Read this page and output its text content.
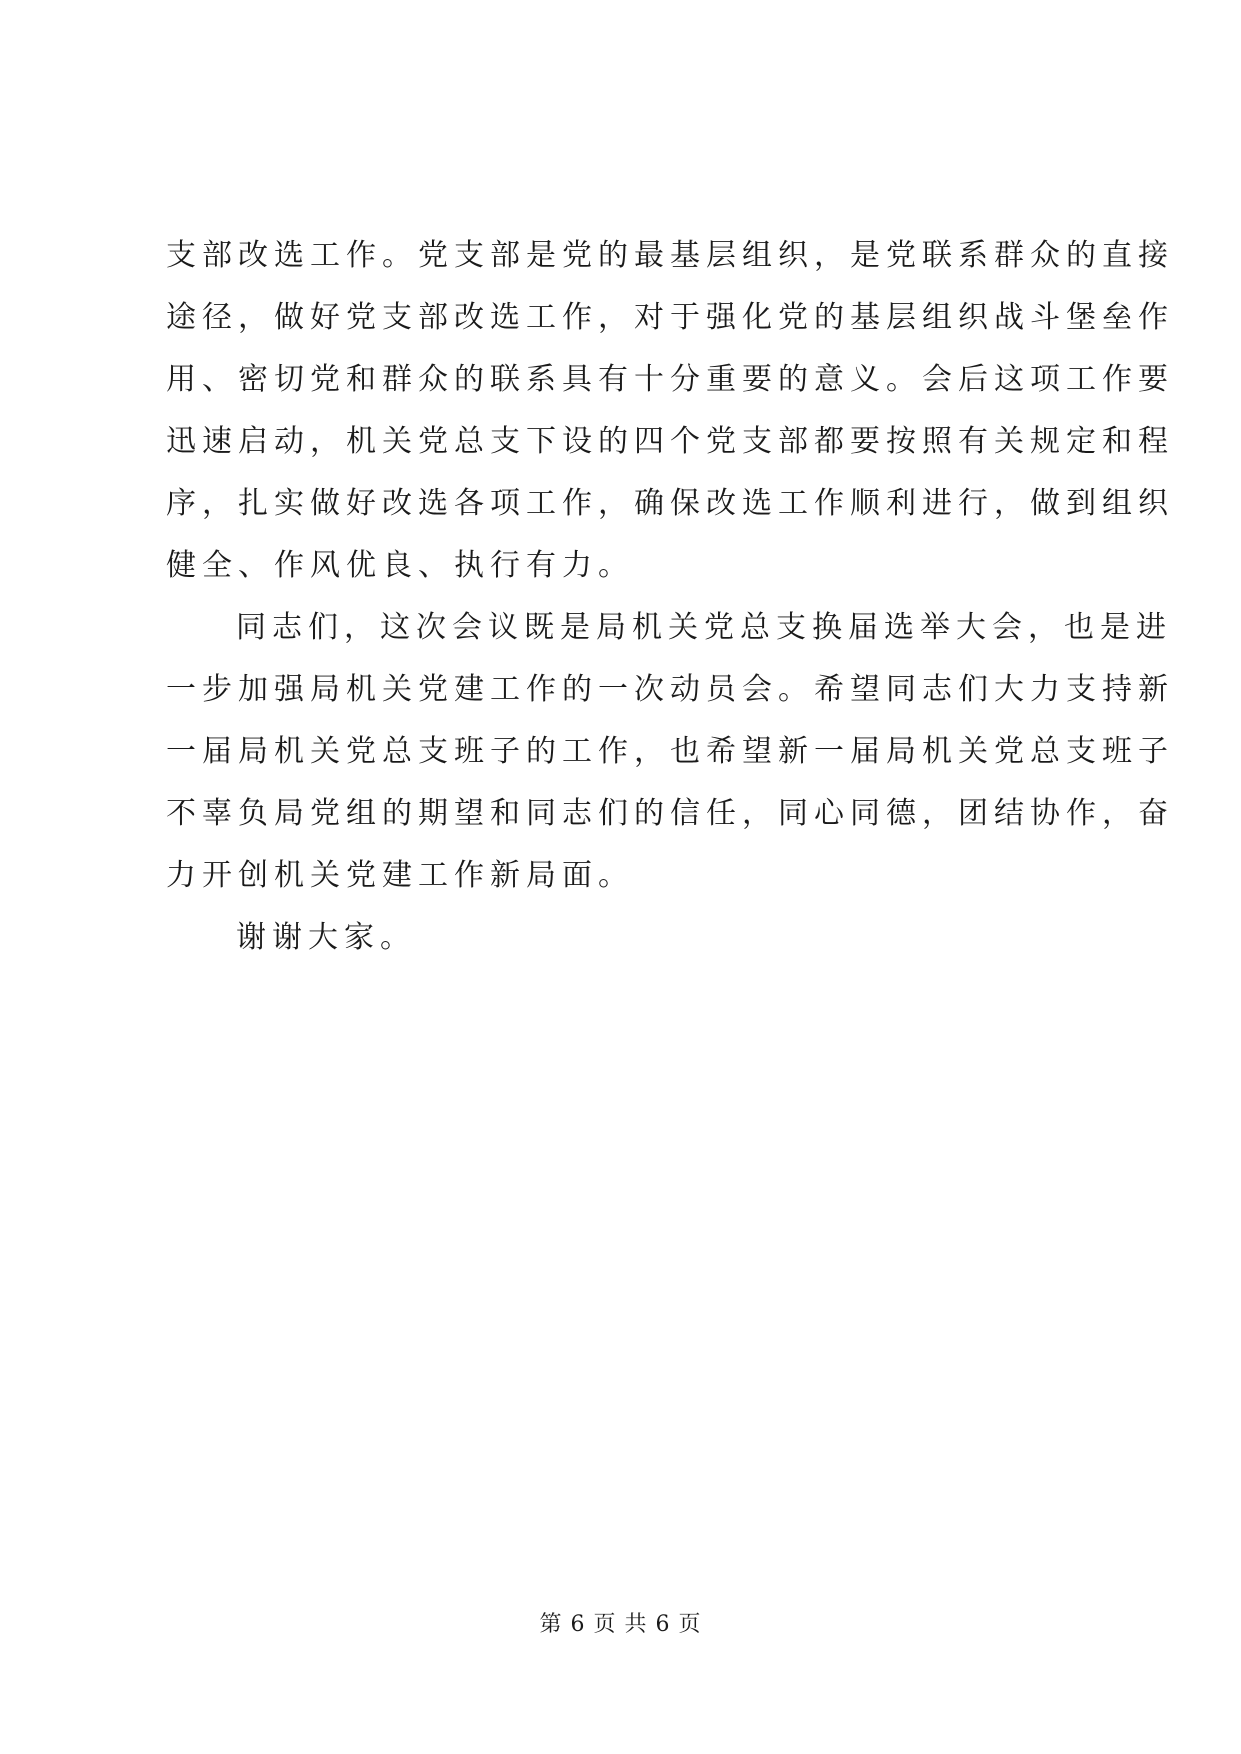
支部改选工作。党支部是党的最基层组织，是党联系群众的直接
途径，做好党支部改选工作，对于强化党的基层组织战斗堡垒作
用、密切党和群众的联系具有十分重要的意义。会后这项工作要
迅速启动，机关党总支下设的四个党支部都要按照有关规定和程
序，扎实做好改选各项工作，确保改选工作顺利进行，做到组织
健全、作风优良、执行有力。
同志们，这次会议既是局机关党总支换届选举大会，也是进
一步加强局机关党建工作的一次动员会。希望同志们大力支持新
一届局机关党总支班子的工作，也希望新一届局机关党总支班子
不辜负局党组的期望和同志们的信任，同心同德，团结协作，奋
力开创机关党建工作新局面。
谢谢大家。
第 6 页 共 6 页
